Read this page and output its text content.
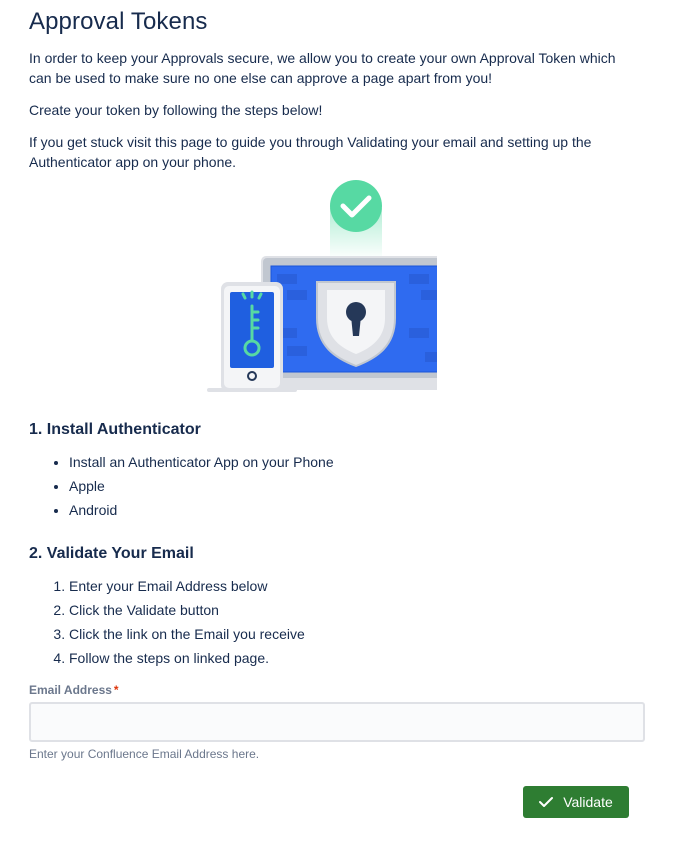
Approval Tokens

In order to keep your Approvals secure, we allow you to create your own Approval Token which can be used to make sure no one else can approve a page apart from you!

Create your token by following the steps below!

If you get stuck visit this page to guide you through Validating your email and setting up the Authenticator app on your phone.

1. Install Authenticator
• Install an Authenticator App on your Phone
• Apple
• Android
2. Validate Your Email
1. Enter your Email Address below
2. Click the Validate button
3. Click the link on the Email you receive
4. Follow the steps on linked page.
Email Address *
Enter your Confluence Email Address here.
Validate
